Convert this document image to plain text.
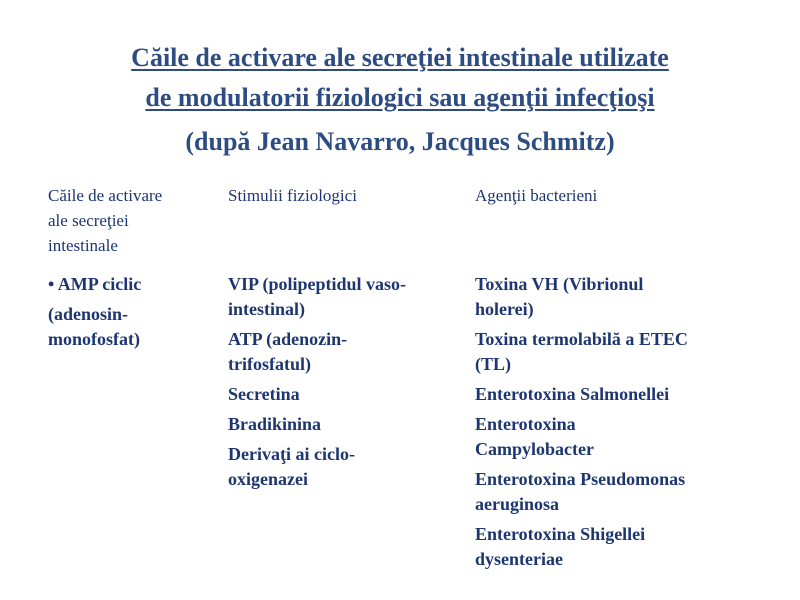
Căile de activare ale secreţiei intestinale utilizate
de modulatorii fiziologici sau agenţii infecţioşi
(după Jean Navarro, Jacques Schmitz)
Căile de activare
ale secreţiei
intestinale
Stimulii fiziologici	Agenţii bacterieni
• AMP ciclic
(adenosin-
monofosfat)
VIP (polipeptidul vaso-
intestinal)
ATP (adenozin-
trifosfatul)
Secretina
Bradikinina
Derivaţi ai ciclo-
oxigenazei
Toxina VH (Vibrionul
holerei)
Toxina termolabilă a ETEC
(TL)
Enterotoxina Salmonellei
Enterotoxina
Campylobacter
Enterotoxina Pseudomonas
aeruginosa
Enterotoxina Shigellei
dysenteriae
